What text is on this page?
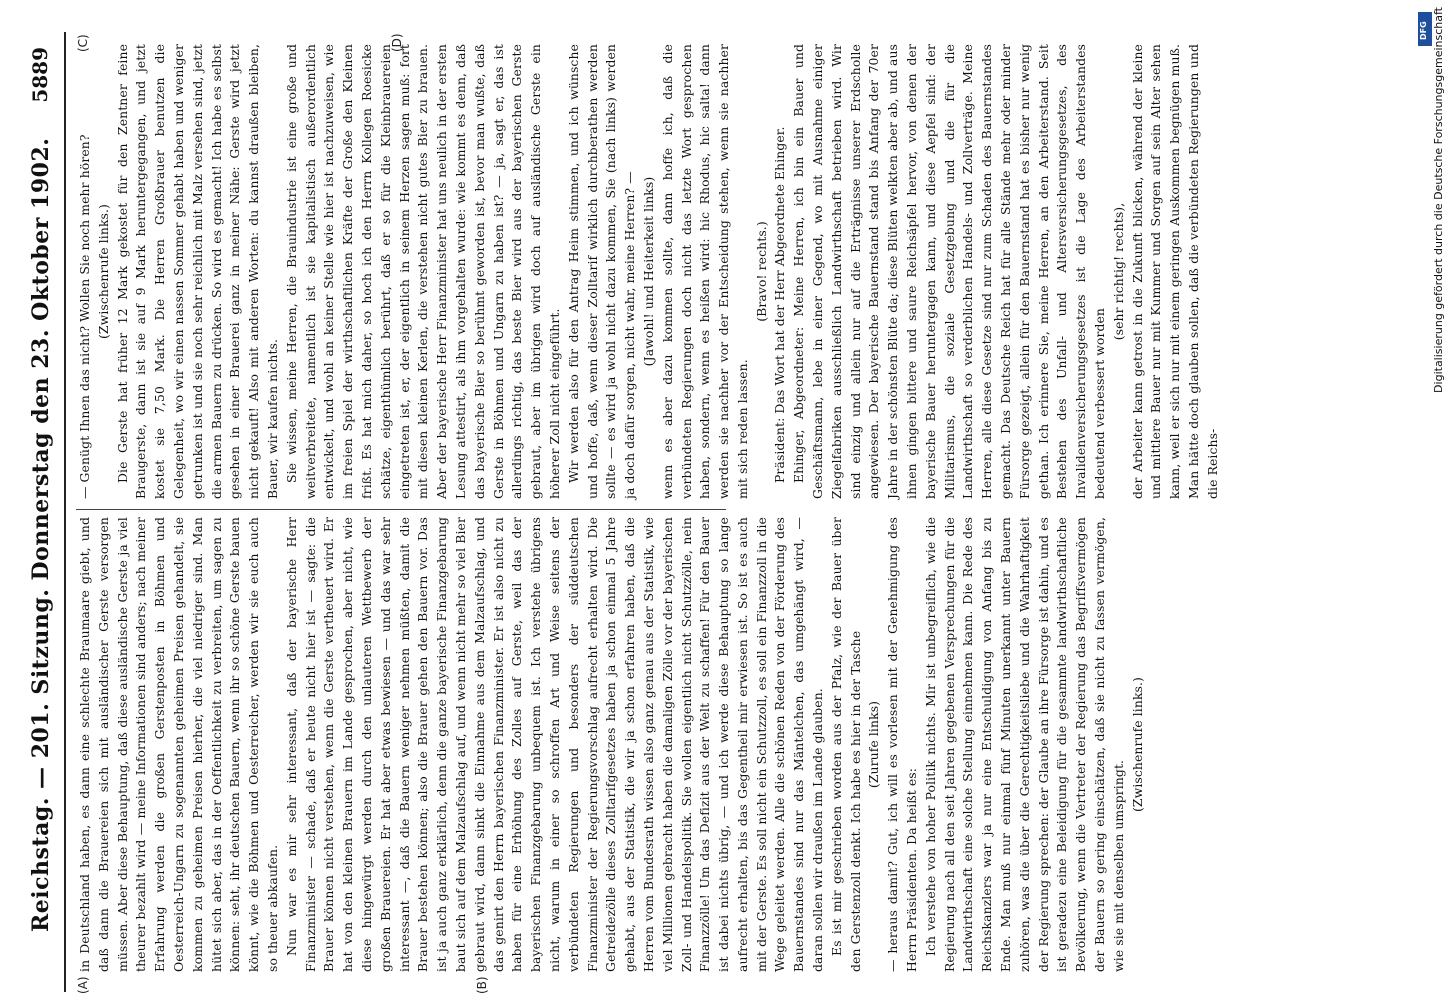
Reichstag. — 201. Sitzung. Donnerstag den 23. Oktober 1902.
5889
(A)	(B)
(C)	(D)

in Deutschland haben, es dann eine schlechte Braumaare giebt, und daß dann die Brauereien sich mit ausländischer Gerste versorgen müssen. Aber diese Behauptung, daß diese ausländische Gerste ja viel theurer bezahlt wird — meine Informationen sind anders; nach meiner Erfahrung werden die großen Gerstenposten in Böhmen und Oesterreich-Ungarn zu sogenannten geheimen Preisen gehandelt, sie kommen zu geheimen Preisen hierher, die viel niedriger sind. Man hütet sich aber, das in der Oeffentlichkeit zu verbreiten, um sagen zu können: seht, ihr deutschen Bauern, wenn ihr so schöne Gerste bauen könnt, wie die Böhmen und Oesterreicher, werden wir sie euch auch so theuer abkaufen. Nun war es mir sehr interessant, daß der bayerische Herr Finanzminister — schade, daß er heute nicht hier ist — sagte: die Brauer können nicht verstehen, wenn die Gerste vertheuert wird. Er hat von den kleinen Brauern im Lande gesprochen, aber nicht, wie diese hingewürgt werden durch den unlauteren Wettbewerb der großen Brauereien. Er hat aber etwas bewiesen — und das war sehr interessant —, daß die Bauern weniger nehmen müßten, damit die Brauer bestehen können; also die Brauer gehen den Bauern vor. Das ist ja auch ganz erklärlich, denn die ganze bayerische Finanzgebarung baut sich auf dem Malzaufschlag auf, und wenn nicht mehr so viel Bier gebraut wird, dann sinkt die Einnahme aus dem Malzaufschlag, und das genirt den Herrn bayerischen Finanzminister. Er ist also nicht zu haben für eine Erhöhung des Zolles auf Gerste, weil das der bayerischen Finanzgebarung unbequem ist. Ich verstehe übrigens nicht, warum in einer so schroffen Art und Weise seitens der verbündeten Regierungen und besonders der süddeutschen Finanzminister der Regierungsvorschlag aufrecht erhalten wird. Die Getreidezölle dieses Zolltarifgesetzes haben ja schon einmal 5 Jahre gehabt, aus der Statistik, die wir ja schon erfahren haben, daß die Herren vom Bundesrath wissen also ganz genau aus der Statistik, wie viel Millionen gebracht haben die damaligen Zölle vor der bayerischen Zoll- und Handelspolitik. Sie wollen eigentlich nicht Schutzzölle, nein Finanzzölle! Um das Defizit aus der Welt zu schaffen! Für den Bauer ist dabei nichts übrig, — und ich werde diese Behauptung so lange aufrecht erhalten, bis das Gegentheil mir erwiesen ist. So ist es auch mit der Gerste. Es soll nicht ein Schutzzoll, es soll ein Finanzzoll in die Wege geleitet werden. Alle die schönen Reden von der Förderung des Bauernstandes sind nur das Mäntelchen, das umgehängt wird, — daran sollen wir draußen im Lande glauben. Es ist mir geschrieben worden aus der Pfalz, wie der Bauer über den Gerstenzoll denkt. Ich habe es hier in der Tasche (Zurufe links) — heraus damit? Gut, ich will es vorlesen mit der Genehmigung des Herrn Präsidenten. Da heißt es: Ich verstehe von hoher Politik nichts. Mir ist unbegreiflich, wie die Regierung nach all den seit Jahren gegebenen Versprechungen für die Landwirthschaft eine solche Stellung einnehmen kann. Die Rede des Reichskanzlers war ja nur eine Entschuldigung von Anfang bis zu Ende. Man muß nur einmal fünf Minuten unerkannt unter Bauern zuhören, was die über die Gerechtigkeitsliebe und die Wahrhaftigkeit der Regierung sprechen: der Glaube an ihre Fürsorge ist dahin, und es ist geradezu eine Beleidigung für die gesammte landwirthschaftliche Bevölkerung, wenn die Vertreter der Regierung das Begriffsvermögen der Bauern so gering einschätzen, daß sie nicht zu fassen vermögen, wie sie mit denselben umspringt.

(Zwischenrufe links.)

— Genügt Ihnen das nicht? Wollen Sie noch mehr hören? (Zwischenrufe links.) Die Gerste hat früher 12 Mark gekostet für den Zentner feine Braugerste, dann ist sie auf 9 Mark heruntergegangen, und jetzt kostet sie 7,50 Mark. Die Herren Großbrauer benutzen die Gelegenheit, wo wir einen nassen Sommer gehabt haben und weniger getrunken ist und sie noch sehr reichlich mit Malz versehen sind, jetzt die armen Bauern zu drücken. So wird es gemacht! Ich habe es selbst gesehen in einer Brauerei ganz in meiner Nähe: Gerste wird jetzt nicht gekauft! Also mit anderen Worten: du kannst draußen bleiben, Bauer, wir kaufen nichts. Sie wissen, meine Herren, die Brauindustrie ist eine große und weitverbreitete, namentlich ist sie kapitalistisch außerordentlich entwickelt, und wohl an keiner Stelle wie hier ist nachzuweisen, wie im freien Spiel der wirthschaftlichen Kräfte der Große den Kleinen frißt. Es hat mich daher, so hoch ich den Herrn Kollegen Roesicke schätze, eigenthümlich berührt, daß er so für die Kleinbrauereien eingetreten ist, er, der eigentlich in seinem Herzen sagen muß: fort mit diesen kleinen Kerlen, die verstehen nicht gutes Bier zu brauen. Aber der bayerische Herr Finanzminister hat uns neulich in der ersten Lesung attestirt, als ihm vorgehalten wurde: wie kommt es denn, daß das bayerische Bier so berühmt geworden ist, bevor man wußte, daß Gerste in Böhmen und Ungarn zu haben ist? — ja, sagt er, das ist allerdings richtig, das beste Bier wird aus der bayerischen Gerste gebraut, aber im übrigen wird doch auf ausländische Gerste ein höherer Zoll nicht eingeführt. Wir werden also für den Antrag Heim stimmen, und ich wünsche und hoffe, daß, wenn dieser Zolltarif wirklich durchberathen werden sollte — es wird ja wohl nicht dazu kommen, Sie (nach links) werden ja doch dafür sorgen, nicht wahr, meine Herren? — (Jawohl! und Heiterkeit links) wenn es aber dazu kommen sollte, dann hoffe ich, daß die verbündeten Regierungen doch nicht das letzte Wort gesprochen haben, sondern, wenn es heißen wird: hic Rhodus, hic salta! dann werden sie nachher vor der Entscheidung stehen, wenn sie nachher mit sich reden lassen.

(Bravo! rechts.) Präsident: Das Wort hat der Herr Abgeordnete Ehinger. Ehinger, Abgeordneter: Meine Herren, ich bin ein Bauer und Geschäftsmann, lebe in einer Gegend, wo mit Ausnahme einiger Ziegelfabriken ausschließlich Landwirthschaft betrieben wird. Wir sind einzig und allein nur auf die Erträgnisse unserer Erdscholle angewiesen. Der bayerische Bauernstand stand bis Anfang der 70er Jahre in der schönsten Blüte da; diese Blüten welkten aber ab, und aus ihnen gingen bittere und saure Reichsäpfel hervor, von denen der bayerische Bauer heruntergagen kann, und diese Aepfel sind: der Militarismus, die soziale Gesetzgebung und die für die Landwirthschaft so verderblichen Handels- und Zollverträge. Meine Herren, alle diese Gesetze sind nur zum Schaden des Bauernstandes gemacht. Das Deutsche Reich hat für alle Stände mehr oder minder Fürsorge gezeigt, allein für den Bauernstand hat es bisher nur wenig gethan. Ich erinnere Sie, meine Herren, an den Arbeiterstand. Seit Bestehen des Unfall- und Altersversicherungsgesetzes, des Invalidenversicherungsgesetzes ist die Lage des Arbeiterstandes bedeutend verbessert worden

(sehr richtig! rechts), der Arbeiter kann getrost in die Zukunft blicken, während der kleine und mittlere Bauer nur mit Kummer und Sorgen auf sein Alter sehen kann, weil er sich nur mit einem geringen Auskommen begnügen muß. Man hätte doch glauben sollen, daß die verbündeten Regierungen und die Reichs-

DFG Digitalisierung gefördert durch die Deutsche Forschungsgemeinschaft
